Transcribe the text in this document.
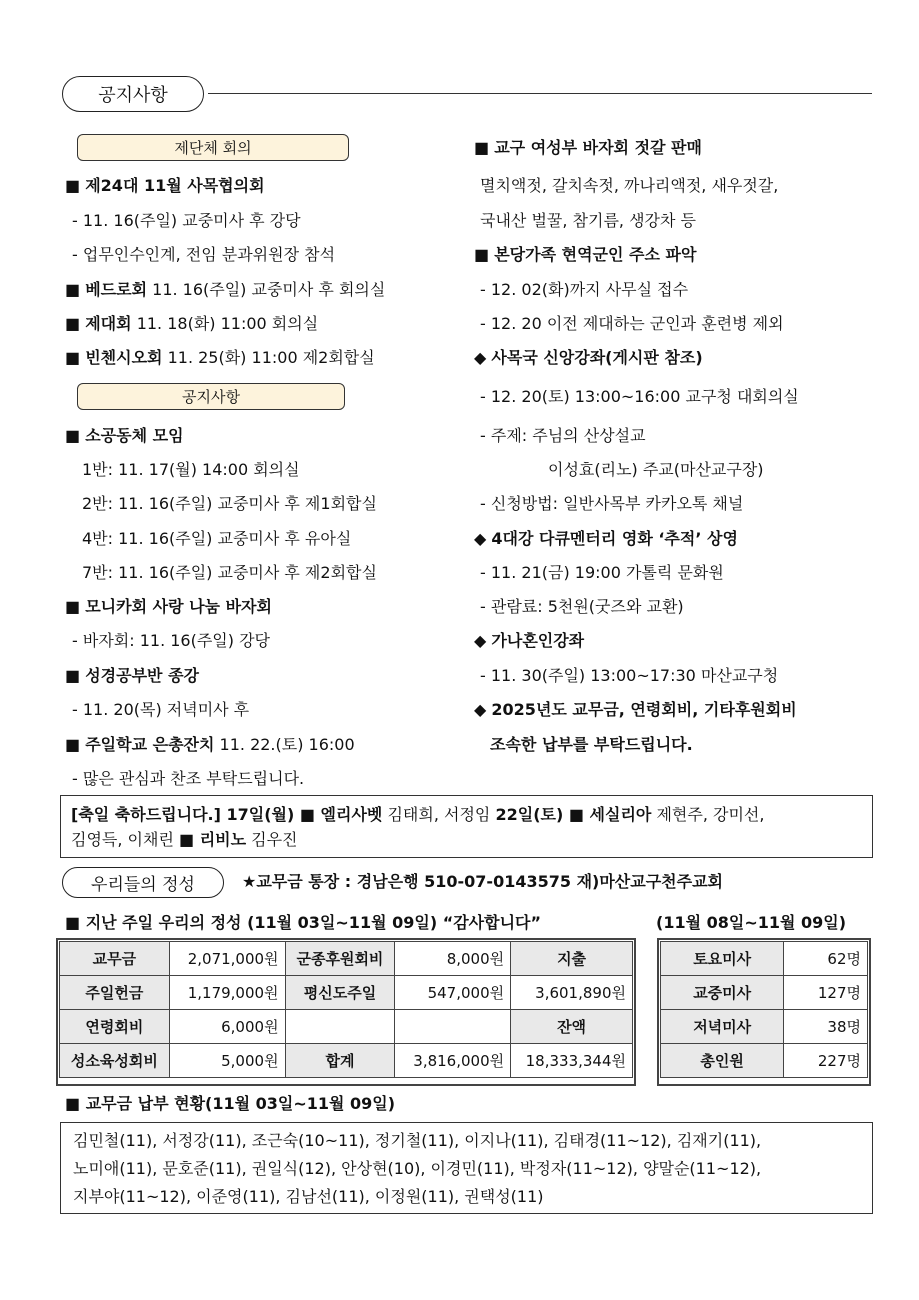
공지사항
제단체 회의
■ 제24대 11월 사목협의회
- 11. 16(주일) 교중미사 후 강당
- 업무인수인계, 전임 분과위원장 참석
■ 베드로회 11. 16(주일) 교중미사 후 회의실
■ 제대회 11. 18(화) 11:00 회의실
■ 빈첸시오회 11. 25(화) 11:00 제2회합실
공지사항
■ 소공동체 모임
1반: 11. 17(월) 14:00 회의실
2반: 11. 16(주일) 교중미사 후 제1회합실
4반: 11. 16(주일) 교중미사 후 유아실
7반: 11. 16(주일) 교중미사 후 제2회합실
■ 모니카회 사랑 나눔 바자회
- 바자회: 11. 16(주일) 강당
■ 성경공부반 종강
- 11. 20(목) 저녁미사 후
■ 주일학교 은총잔치 11. 22.(토) 16:00
- 많은 관심과 찬조 부탁드립니다.
■ 교구 여성부 바자회 젓갈 판매
멸치액젓, 갈치속젓, 까나리액젓, 새우젓갈,
국내산 벌꿀, 참기름, 생강차 등
■ 본당가족 현역군인 주소 파악
- 12. 02(화)까지 사무실 접수
- 12. 20 이전 제대하는 군인과 훈련병 제외
◆ 사목국 신앙강좌(게시판 참조)
- 12. 20(토) 13:00~16:00 교구청 대회의실
- 주제: 주님의 산상설교
이성효(리노) 주교(마산교구장)
- 신청방법: 일반사목부 카카오톡 채널
◆ 4대강 다큐멘터리 영화 ‘추적’ 상영
- 11. 21(금) 19:00 가톨릭 문화원
- 관람료: 5천원(굿즈와 교환)
◆ 가나혼인강좌
- 11. 30(주일) 13:00~17:30 마산교구청
◆ 2025년도 교무금, 연령회비, 기타후원회비
조속한 납부를 부탁드립니다.
[축일 축하드립니다.] 17일(월) ■ 엘리사벳 김태희, 서정임 22일(토) ■ 세실리아 제현주, 강미선,
김영득, 이채린 ■ 리비노 김우진
우리들의 정성	★교무금 통장 : 경남은행 510-07-0143575 재)마산교구천주교회
■ 지난 주일 우리의 정성 (11월 03일~11월 09일) “감사합니다”	(11월 08일~11월 09일)
교무금	2,071,000원	군종후원회비	8,000원	지출
주일헌금	1,179,000원	평신도주일	547,000원	3,601,890원
연령회비	6,000원			잔액
성소육성회비	5,000원	합계	3,816,000원	18,333,344원
토요미사	62명
교중미사	127명
저녁미사	38명
총인원	227명
■ 교무금 납부 현황(11월 03일~11월 09일)
김민철(11), 서정강(11), 조근숙(10~11), 정기철(11), 이지나(11), 김태경(11~12), 김재기(11),
노미애(11), 문호준(11), 권일식(12), 안상현(10), 이경민(11), 박정자(11~12), 양말순(11~12),
지부야(11~12), 이준영(11), 김남선(11), 이정원(11), 권택성(11)
